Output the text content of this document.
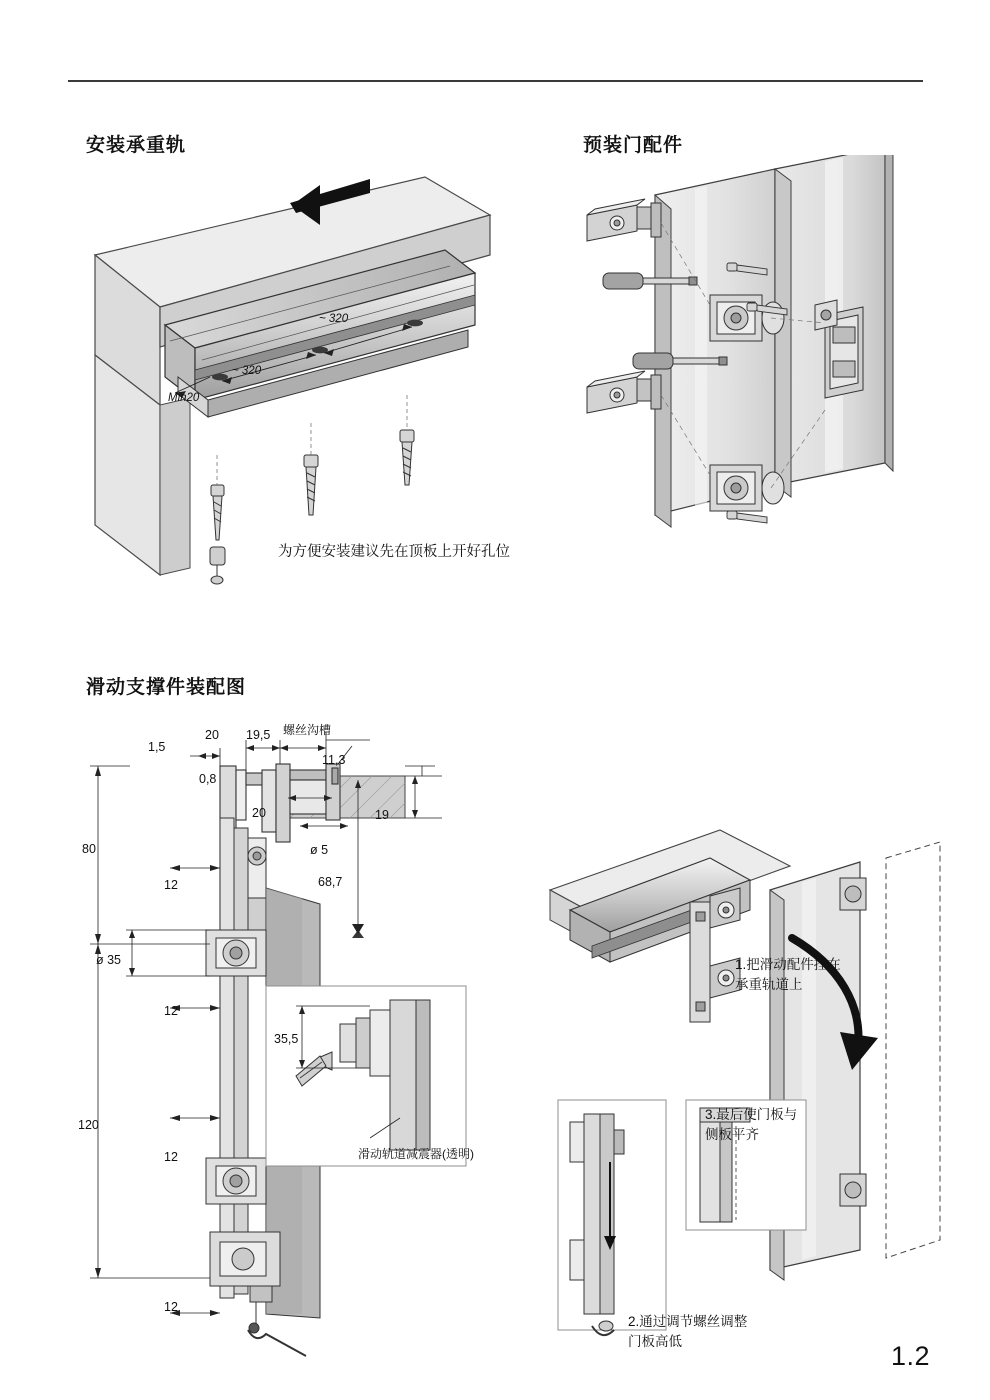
安装承重轨	预装门配件
滑动支撑件装配图
~ 320
~ 320
Min20
为方便安装建议先在顶板上开好孔位
1,5
20 19,5 螺丝沟槽
11,3
0,8
20	19
ø 5
68,7
80
12
ø 35
12
120
12
12
35,5
滑动轨道减震器(透明)
1.把滑动配件挂在承重轨道上
3.最后使门板与侧板平齐
2.通过调节螺丝调整门板高低	1.2
